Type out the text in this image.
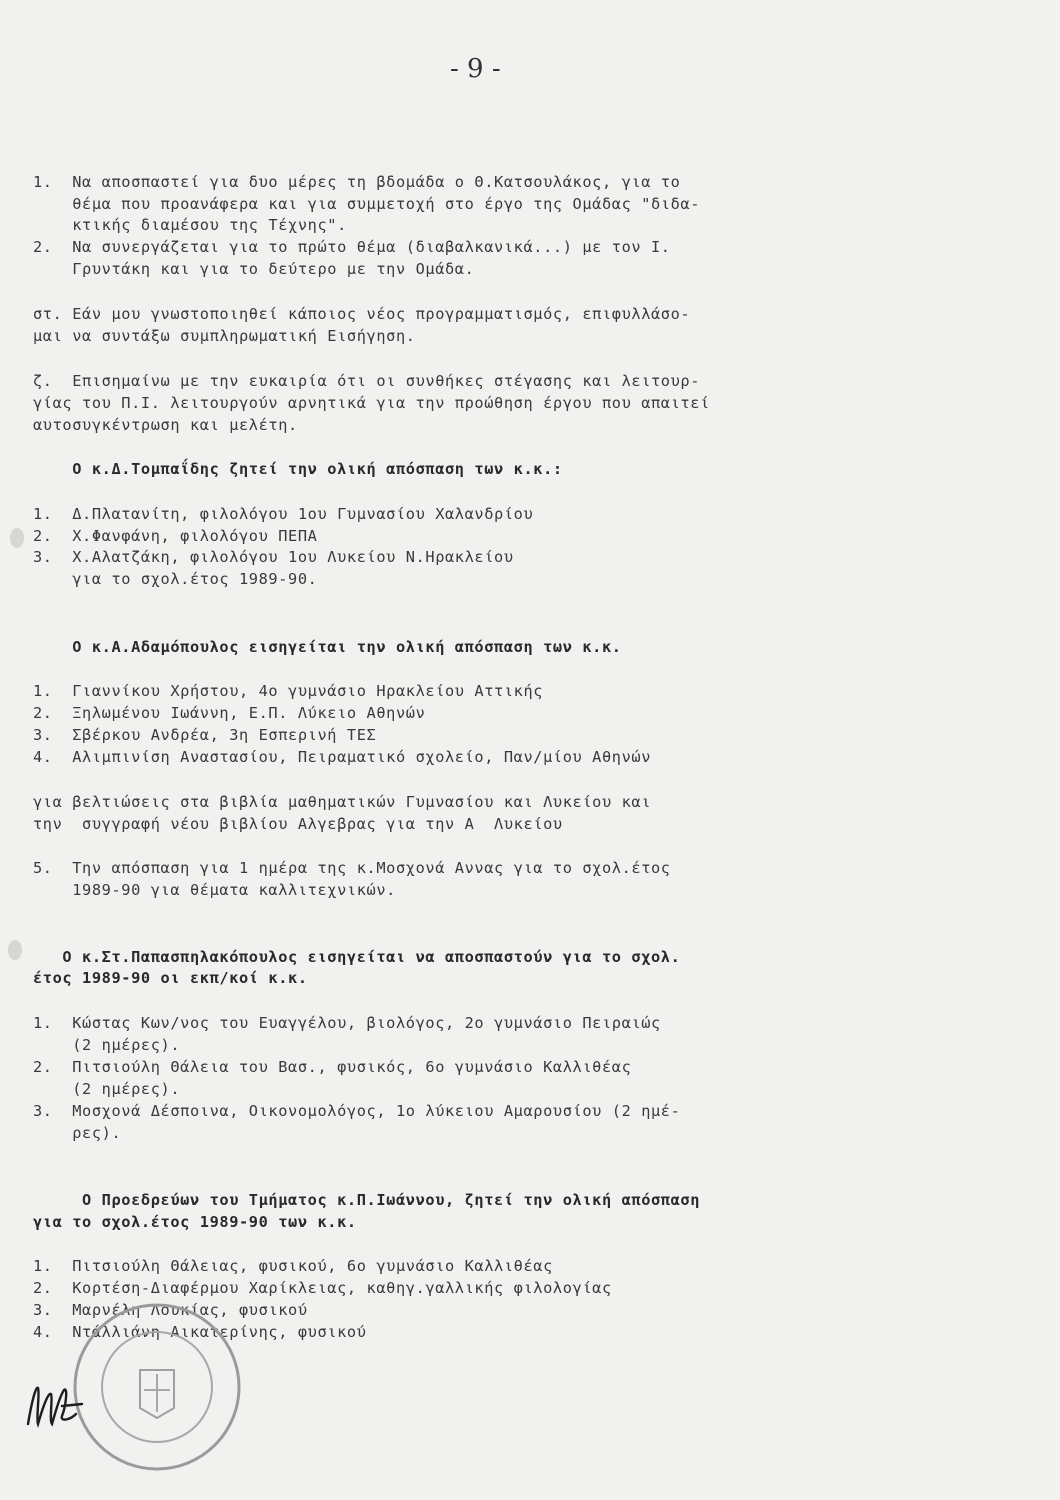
- 9 -
1.  Να αποσπαστεί για δυο μέρες τη βδομάδα ο Θ.Κατσουλάκος, για το
θέμα που προανάφερα και για συμμετοχή στο έργο της Ομάδας "διδα-
κτικής διαμέσου της Τέχνης".
2.  Να συνεργάζεται για το πρώτο θέμα (διαβαλκανικά...) με τον Ι.
Γρυντάκη και για το δεύτερο με την Ομάδα.
στ. Εάν μου γνωστοποιηθεί κάποιος νέος προγραμματισμός, επιφυλλάσο-
μαι να συντάξω συμπληρωματική Εισήγηση.
ζ.  Επισημαίνω με την ευκαιρία ότι οι συνθήκες στέγασης και λειτουρ-
γίας του Π.Ι. λειτουργούν αρνητικά για την προώθηση έργου που απαιτεί
αυτοσυγκέντρωση και μελέτη.
Ο κ.Δ.Τομπαΐδης ζητεί την ολική απόσπαση των κ.κ.:
1.  Δ.Πλατανίτη, φιλολόγου 1ου Γυμνασίου Χαλανδρίου
2.  Χ.Φανφάνη, φιλολόγου ΠΕΠΑ
3.  Χ.Αλατζάκη, φιλολόγου 1ου Λυκείου Ν.Ηρακλείου
για το σχολ.έτος 1989-90.
Ο κ.Α.Αδαμόπουλος εισηγείται την ολική απόσπαση των κ.κ.
1.  Γιαννίκου Χρήστου, 4ο γυμνάσιο Ηρακλείου Αττικής
2.  Ξηλωμένου Ιωάννη, Ε.Π. Λύκειο Αθηνών
3.  Σβέρκου Ανδρέα, 3η Εσπερινή ΤΕΣ
4.  Αλιμπινίση Αναστασίου, Πειραματικό σχολείο, Παν/μίου Αθηνών
για βελτιώσεις στα βιβλία μαθηματικών Γυμνασίου και Λυκείου και
την  συγγραφή νέου βιβλίου Αλγεβρας για την Α  Λυκείου
5.  Την απόσπαση για 1 ημέρα της κ.Μοσχονά Αννας για το σχολ.έτος
1989-90 για θέματα καλλιτεχνικών.
Ο κ.Στ.Παπασπηλακόπουλος εισηγείται να αποσπαστούν για το σχολ.
έτος 1989-90 οι εκπ/κοί κ.κ.
1.  Κώστας Κων/νος του Ευαγγέλου, βιολόγος, 2ο γυμνάσιο Πειραιώς
(2 ημέρες).
2.  Πιτσιούλη Θάλεια του Βασ., φυσικός, 6ο γυμνάσιο Καλλιθέας
(2 ημέρες).
3.  Μοσχονά Δέσποινα, Οικονομολόγος, 1ο λύκειου Αμαρουσίου (2 ημέ-
ρες).
Ο Προεδρεύων του Τμήματος κ.Π.Ιωάννου, ζητεί την ολική απόσπαση
για το σχολ.έτος 1989-90 των κ.κ.
1.  Πιτσιούλη Θάλειας, φυσικού, 6ο γυμνάσιο Καλλιθέας
2.  Κορτέση-Διαφέρμου Χαρίκλειας, καθηγ.γαλλικής φιλολογίας
3.  Μαρνέλη Λουκίας, φυσικού
4.  Ντάλλιάνη Αικατερίνης, φυσικού
